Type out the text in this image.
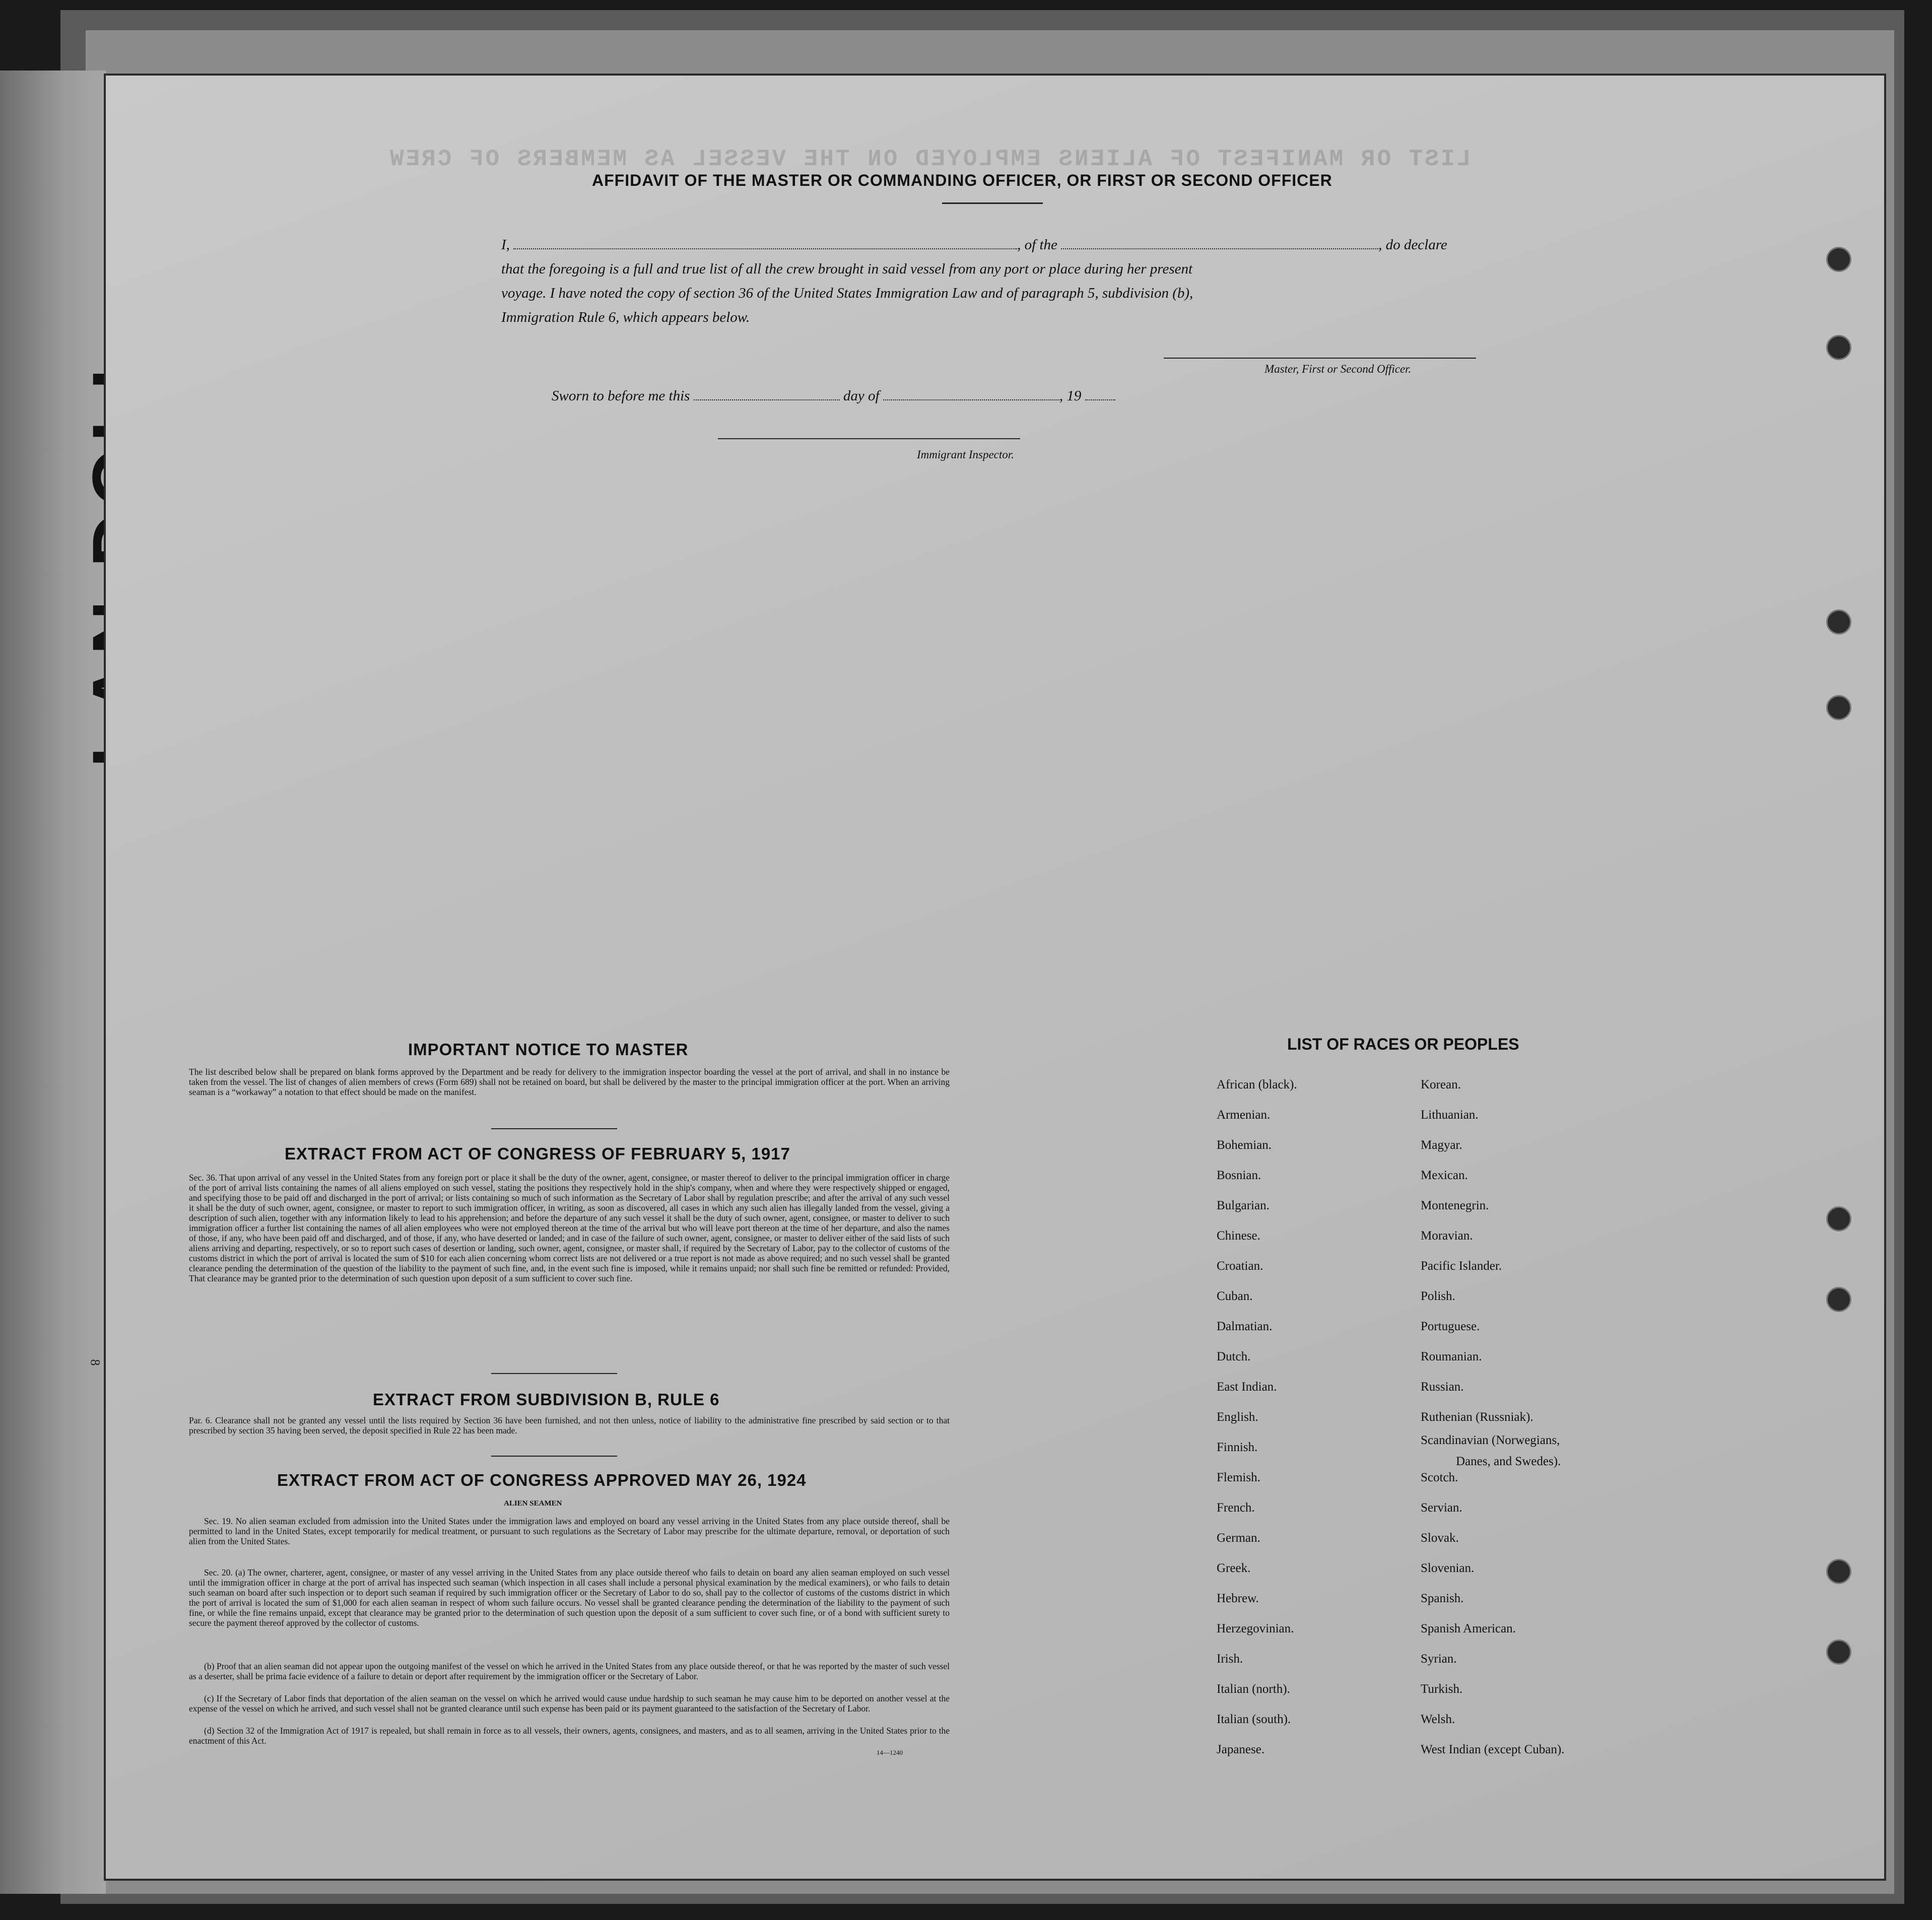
8
LIST OR MANIFEST OF ALIENS EMPLOYED ON THE VESSEL AS MEMBERS OF CREW
AFFIDAVIT OF THE MASTER OR COMMANDING OFFICER, OR FIRST OR SECOND OFFICER
I,	, of the	, do declare
that the foregoing is a full and true list of all the crew brought in said vessel from any port or place during her present
voyage. I have noted the copy of section 36 of the United States Immigration Law and of paragraph 5, subdivision (b),
Immigration Rule 6, which appears below.
Master, First or Second Officer.
Sworn to before me this	day of	, 19
Immigrant Inspector.
IMPORTANT NOTICE TO MASTER
The list described below shall be prepared on blank forms approved by the Department and be ready for delivery to the immigration inspector boarding the vessel at the port of arrival, and shall in no instance be taken from the vessel. The list of changes of alien members of crews (Form 689) shall not be retained on board, but shall be delivered by the master to the principal immigration officer at the port. When an arriving seaman is a “workaway” a notation to that effect should be made on the manifest.
EXTRACT FROM ACT OF CONGRESS OF FEBRUARY 5, 1917
Sec. 36. That upon arrival of any vessel in the United States from any foreign port or place it shall be the duty of the owner, agent, consignee, or master thereof to deliver to the principal immigration officer in charge of the port of arrival lists containing the names of all aliens employed on such vessel, stating the positions they respectively hold in the ship's company, when and where they were respectively shipped or engaged, and specifying those to be paid off and discharged in the port of arrival; or lists containing so much of such information as the Secretary of Labor shall by regulation prescribe; and after the arrival of any such vessel it shall be the duty of such owner, agent, consignee, or master to report to such immigration officer, in writing, as soon as discovered, all cases in which any such alien has illegally landed from the vessel, giving a description of such alien, together with any information likely to lead to his apprehension; and before the departure of any such vessel it shall be the duty of such owner, agent, consignee, or master to deliver to such immigration officer a further list containing the names of all alien employees who were not employed thereon at the time of the arrival but who will leave port thereon at the time of her departure, and also the names of those, if any, who have been paid off and discharged, and of those, if any, who have deserted or landed; and in case of the failure of such owner, agent, consignee, or master to deliver either of the said lists of such aliens arriving and departing, respectively, or so to report such cases of desertion or landing, such owner, agent, consignee, or master shall, if required by the Secretary of Labor, pay to the collector of customs of the customs district in which the port of arrival is located the sum of $10 for each alien concerning whom correct lists are not delivered or a true report is not made as above required; and no such vessel shall be granted clearance pending the determination of the question of the liability to the payment of such fine, and, in the event such fine is imposed, while it remains unpaid; nor shall such fine be remitted or refunded: Provided, That clearance may be granted prior to the determination of such question upon deposit of a sum sufficient to cover such fine.
EXTRACT FROM SUBDIVISION B, RULE 6
Par. 6. Clearance shall not be granted any vessel until the lists required by Section 36 have been furnished, and not then unless, notice of liability to the administrative fine prescribed by said section or to that prescribed by section 35 having been served, the deposit specified in Rule 22 has been made.
EXTRACT FROM ACT OF CONGRESS APPROVED MAY 26, 1924
ALIEN SEAMEN
Sec. 19. No alien seaman excluded from admission into the United States under the immigration laws and employed on board any vessel arriving in the United States from any place outside thereof, shall be permitted to land in the United States, except temporarily for medical treatment, or pursuant to such regulations as the Secretary of Labor may prescribe for the ultimate departure, removal, or deportation of such alien from the United States.
Sec. 20. (a) The owner, charterer, agent, consignee, or master of any vessel arriving in the United States from any place outside thereof who fails to detain on board any alien seaman employed on such vessel until the immigration officer in charge at the port of arrival has inspected such seaman (which inspection in all cases shall include a personal physical examination by the medical examiners), or who fails to detain such seaman on board after such inspection or to deport such seaman if required by such immigration officer or the Secretary of Labor to do so, shall pay to the collector of customs of the customs district in which the port of arrival is located the sum of $1,000 for each alien seaman in respect of whom such failure occurs. No vessel shall be granted clearance pending the determination of the liability to the payment of such fine, or while the fine remains unpaid, except that clearance may be granted prior to the determination of such question upon the deposit of a sum sufficient to cover such fine, or of a bond with sufficient surety to secure the payment thereof approved by the collector of customs.
(b) Proof that an alien seaman did not appear upon the outgoing manifest of the vessel on which he arrived in the United States from any place outside thereof, or that he was reported by the master of such vessel as a deserter, shall be prima facie evidence of a failure to detain or deport after requirement by the immigration officer or the Secretary of Labor.
(c) If the Secretary of Labor finds that deportation of the alien seaman on the vessel on which he arrived would cause undue hardship to such seaman he may cause him to be deported on another vessel at the expense of the vessel on which he arrived, and such vessel shall not be granted clearance until such expense has been paid or its payment guaranteed to the satisfaction of the Secretary of Labor.
(d) Section 32 of the Immigration Act of 1917 is repealed, but shall remain in force as to all vessels, their owners, agents, consignees, and masters, and as to all seamen, arriving in the United States prior to the enactment of this Act.
14—1240
LIST OF RACES OR PEOPLES
African (black).
Armenian.
Bohemian.
Bosnian.
Bulgarian.
Chinese.
Croatian.
Cuban.
Dalmatian.
Dutch.
East Indian.
English.
Finnish.
Flemish.
French.
German.
Greek.
Hebrew.
Herzegovinian.
Irish.
Italian (north).
Italian (south).
Japanese.
Korean.
Lithuanian.
Magyar.
Mexican.
Montenegrin.
Moravian.
Pacific Islander.
Polish.
Portuguese.
Roumanian.
Russian.
Ruthenian (Russniak).
Scandinavian (Norwegians,
Danes, and Swedes).
Scotch.
Servian.
Slovak.
Slovenian.
Spanish.
Spanish American.
Syrian.
Turkish.
Welsh.
West Indian (except Cuban).
